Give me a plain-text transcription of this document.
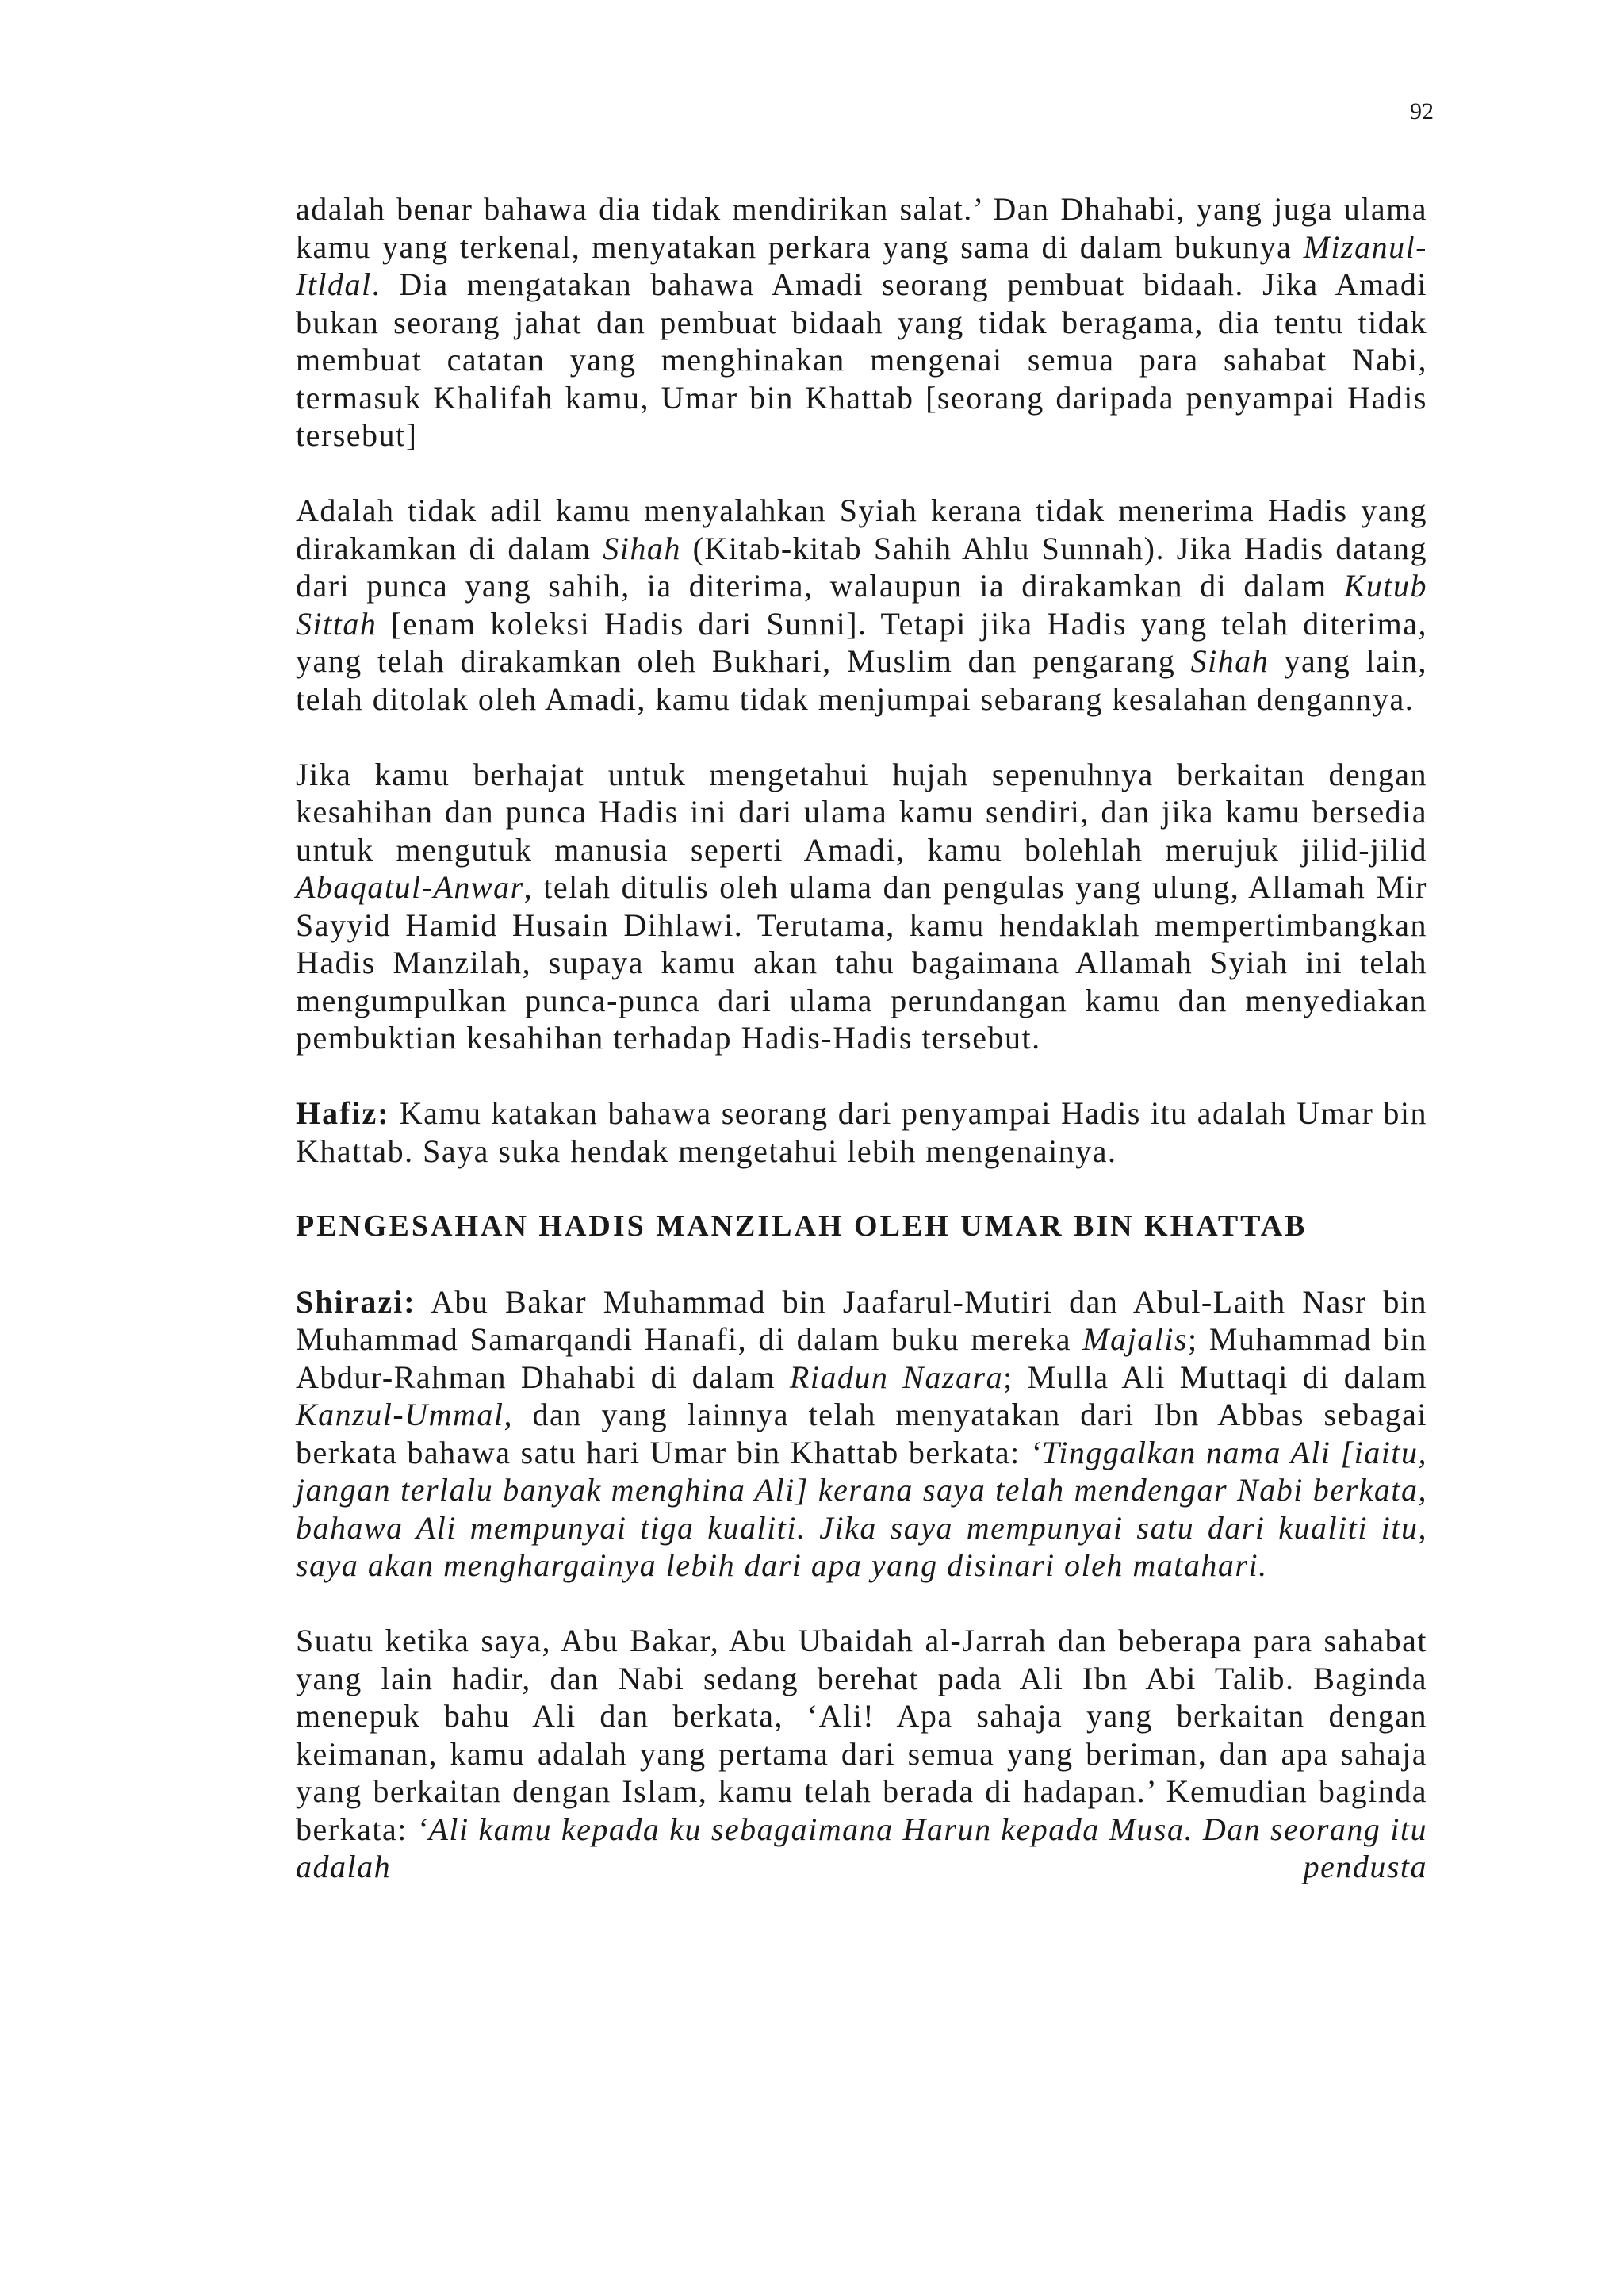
92

adalah benar bahawa dia tidak mendirikan salat.’ Dan Dhahabi, yang juga ulama kamu yang terkenal, menyatakan perkara yang sama di dalam bukunya Mizanul-Itldal. Dia mengatakan bahawa Amadi seorang pembuat bidaah. Jika Amadi bukan seorang jahat dan pembuat bidaah yang tidak beragama, dia tentu tidak membuat catatan yang menghinakan mengenai semua para sahabat Nabi, termasuk Khalifah kamu, Umar bin Khattab [seorang daripada penyampai Hadis tersebut]

Adalah tidak adil kamu menyalahkan Syiah kerana tidak menerima Hadis yang dirakamkan di dalam Sihah (Kitab-kitab Sahih Ahlu Sunnah). Jika Hadis datang dari punca yang sahih, ia diterima, walaupun ia dirakamkan di dalam Kutub Sittah [enam koleksi Hadis dari Sunni]. Tetapi jika Hadis yang telah diterima, yang telah dirakamkan oleh Bukhari, Muslim dan pengarang Sihah yang lain, telah ditolak oleh Amadi, kamu tidak menjumpai sebarang kesalahan dengannya.

Jika kamu berhajat untuk mengetahui hujah sepenuhnya berkaitan dengan kesahihan dan punca Hadis ini dari ulama kamu sendiri, dan jika kamu bersedia untuk mengutuk manusia seperti Amadi, kamu bolehlah merujuk jilid-jilid Abaqatul-Anwar, telah ditulis oleh ulama dan pengulas yang ulung, Allamah Mir Sayyid Hamid Husain Dihlawi. Terutama, kamu hendaklah mempertimbangkan Hadis Manzilah, supaya kamu akan tahu bagaimana Allamah Syiah ini telah mengumpulkan punca-punca dari ulama perundangan kamu dan menyediakan pembuktian kesahihan terhadap Hadis-Hadis tersebut.

Hafiz: Kamu katakan bahawa seorang dari penyampai Hadis itu adalah Umar bin Khattab. Saya suka hendak mengetahui lebih mengenainya.

PENGESAHAN HADIS MANZILAH OLEH UMAR BIN KHATTAB

Shirazi: Abu Bakar Muhammad bin Jaafarul-Mutiri dan Abul-Laith Nasr bin Muhammad Samarqandi Hanafi, di dalam buku mereka Majalis; Muhammad bin Abdur-Rahman Dhahabi di dalam Riadun Nazara; Mulla Ali Muttaqi di dalam Kanzul-Ummal, dan yang lainnya telah menyatakan dari Ibn Abbas sebagai berkata bahawa satu hari Umar bin Khattab berkata: ‘Tinggalkan nama Ali [iaitu, jangan terlalu banyak menghina Ali] kerana saya telah mendengar Nabi berkata, bahawa Ali mempunyai tiga kualiti. Jika saya mempunyai satu dari kualiti itu, saya akan menghargainya lebih dari apa yang disinari oleh matahari.

Suatu ketika saya, Abu Bakar, Abu Ubaidah al-Jarrah dan beberapa para sahabat yang lain hadir, dan Nabi sedang berehat pada Ali Ibn Abi Talib. Baginda menepuk bahu Ali dan berkata, ‘Ali! Apa sahaja yang berkaitan dengan keimanan, kamu adalah yang pertama dari semua yang beriman, dan apa sahaja yang berkaitan dengan Islam, kamu telah berada di hadapan.’ Kemudian baginda berkata: ‘Ali kamu kepada ku sebagaimana Harun kepada Musa. Dan seorang itu adalah pendusta
